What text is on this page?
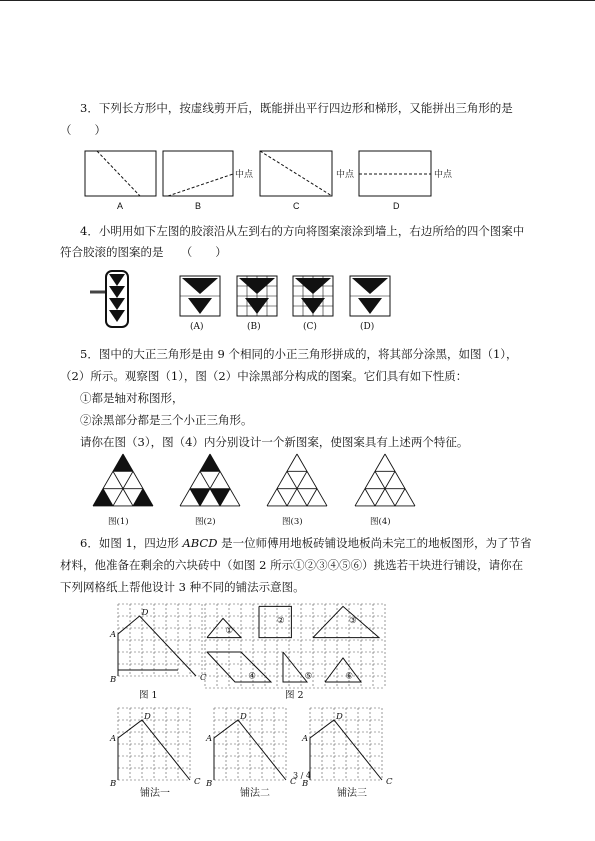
3．下列长方形中，按虚线剪开后，既能拼出平行四边形和梯形，又能拼出三角形的是
（　　）
A
中点
B
中点
C
中点
D
4．小明用如下左图的胶滚沿从左到右的方向将图案滚涂到墙上，右边所给的四个图案中
符合胶滚的图案的是　　（　　）
(A)	(B)	(C)	(D)
5．图中的大正三角形是由 9 个相同的小正三角形拼成的，将其部分涂黑，如图（1），
（2）所示。观察图（1），图（2）中涂黑部分构成的图案。它们具有如下性质：
①都是轴对称图形，
②涂黑部分都是三个小正三角形。
请你在图（3），图（4）内分别设计一个新图案，使图案具有上述两个特征。
图(1)	图(2)	图(3)	图(4)
6．如图 1，四边形 ABCD 是一位师傅用地板砖铺设地板尚未完工的地板图形，为了节省
材料，他准备在剩余的六块砖中（如图 2 所示①②③④⑤⑥）挑选若干块进行铺设，请你在
下列网格纸上帮他设计 3 种不同的铺法示意图。
A
B	C
D
①
②	③
④	⑤	⑥
A
B	C
D
A
B	C
D
A
B	C
D
图 1	图 2
铺法一	铺法二	铺法三
3 / 4
